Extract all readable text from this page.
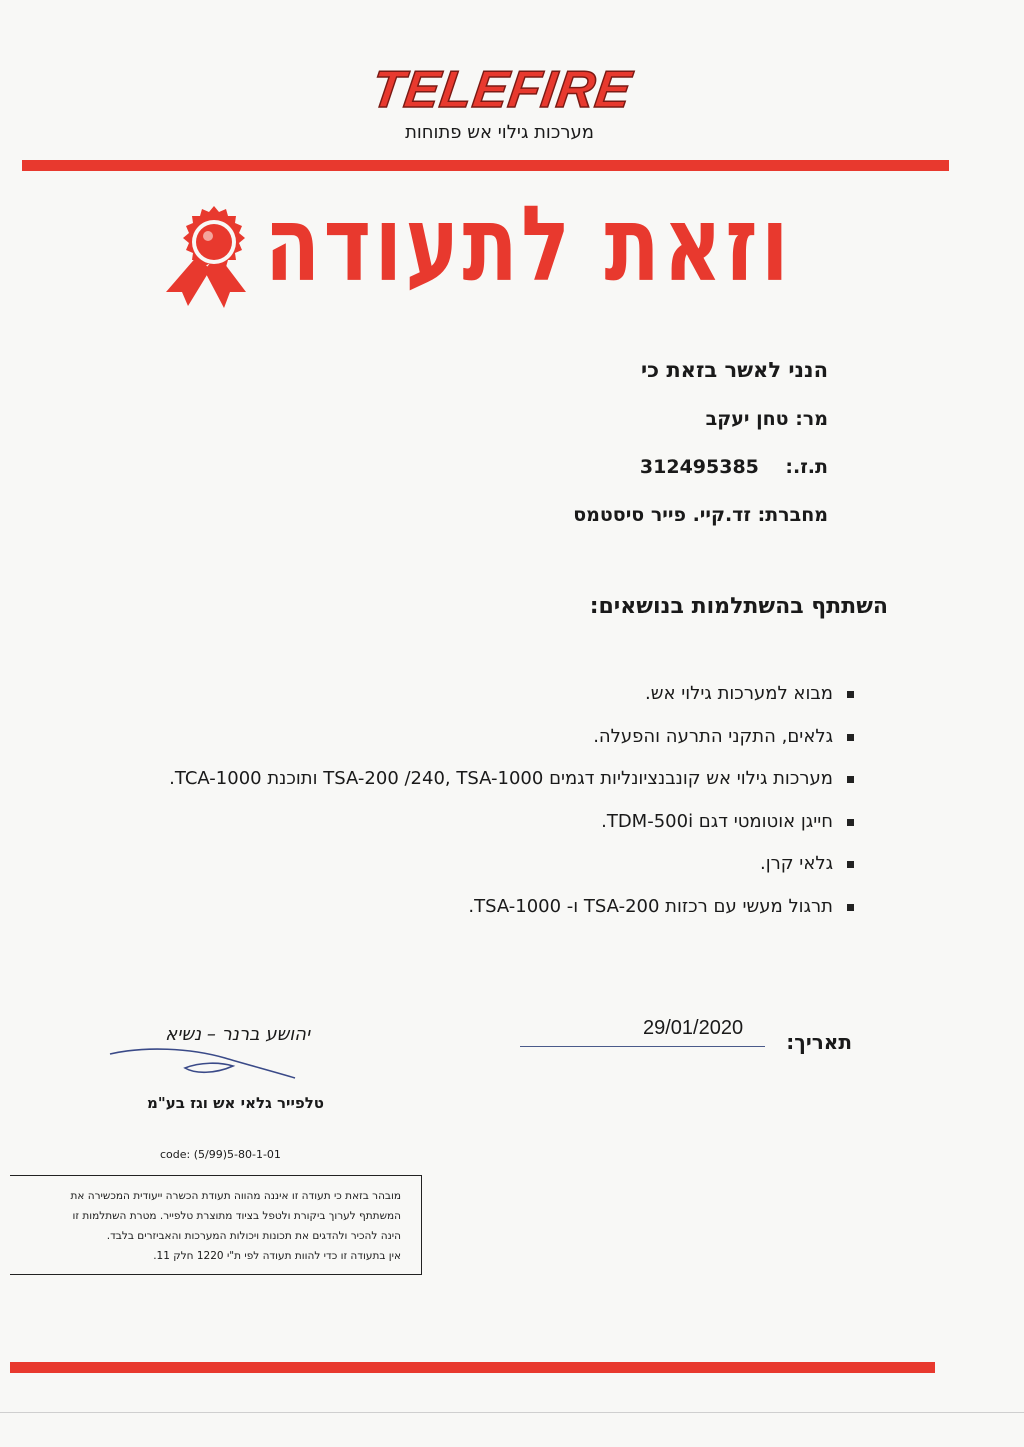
TELEFIRE
מערכות גילוי אש פתוחות
וזאת לתעודה
הנני לאשר בזאת כי
מר: טחן יעקב
ת.ז.:    312495385
מחברת: זד.קיי. פייר סיסטמס
השתתף בהשתלמות בנושאים:
מבוא למערכות גילוי אש.
גלאים, התקני התרעה והפעלה.
מערכות גילוי אש קונבנציונליות דגמים TSA-200 /240, TSA-1000 ותוכנת TCA-1000.
חייגן אוטומטי דגם TDM-500i.
גלאי קרן.
תרגול מעשי עם רכזות TSA-200 ו- TSA-1000.
תאריך:
29/01/2020
יהושע ברנר – נשיא
טלפייר גלאי אש וגז בע"מ
code: (5/99)5-80-1-01

מובהר בזאת כי תעודה זו איננה מהווה תעודת הכשרה ייעודית המכשירה את

המשתתף לערוך ביקורת ולטפל בציוד מתוצרת טלפייר. מטרת השתלמות זו

הינה להכיר ולהדגים את תכונות ויכולות המערכות והאביזרים בלבד.

אין בתעודה זו כדי להוות תעודה לפי ת"י 1220 חלק 11.
